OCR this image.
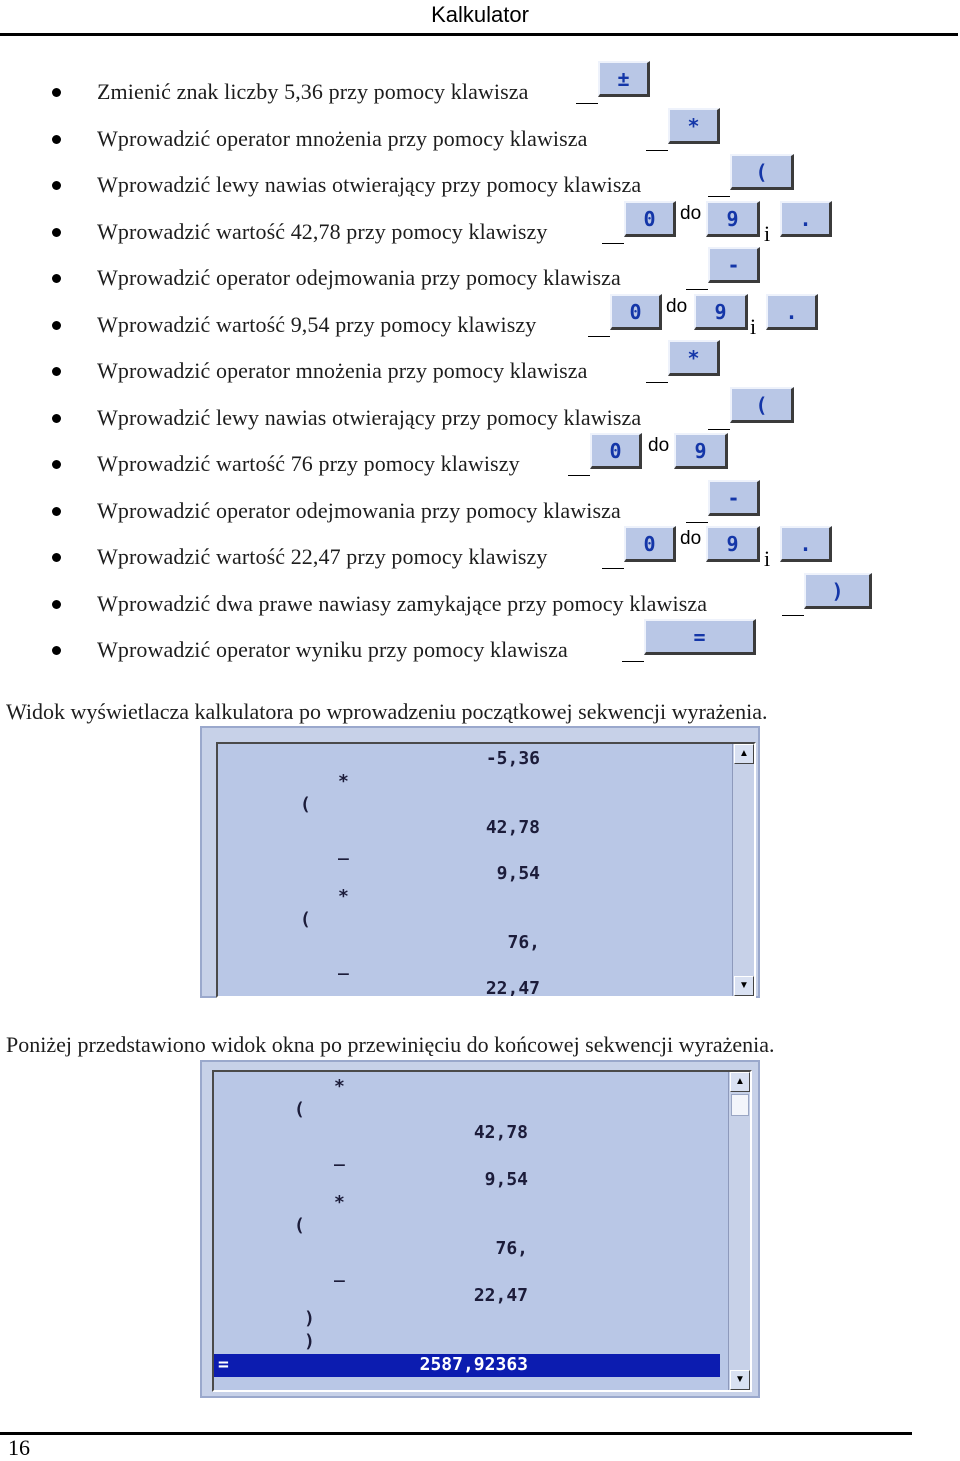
Kalkulator
Zmienić znak liczby 5,36 przy pomocy klawisza
±
Wprowadzić operator mnożenia przy pomocy klawisza
*
Wprowadzić lewy nawias otwierający przy pomocy klawisza
(
Wprowadzić wartość 42,78 przy pomocy klawiszy
0	9	.
do
i
Wprowadzić operator odejmowania przy pomocy klawisza
-
Wprowadzić wartość 9,54 przy pomocy klawiszy
0	9	.
do
i
Wprowadzić operator mnożenia przy pomocy klawisza
*
Wprowadzić lewy nawias otwierający przy pomocy klawisza
(
Wprowadzić wartość 76 przy pomocy klawiszy
0	9
do
Wprowadzić operator odejmowania przy pomocy klawisza
-
Wprowadzić wartość 22,47 przy pomocy klawiszy
0	9	.
do
i
Wprowadzić dwa prawe nawiasy zamykające przy pomocy klawisza
)
Wprowadzić operator wyniku przy pomocy klawisza
=
Widok wyświetlacza kalkulatora po wprowadzeniu początkowej sekwencji wyrażenia.
▲
▼
-5,36
*
(
42,78
_
9,54
*
(
76,
_
22,47
Poniżej przedstawiono widok okna po przewinięciu do końcowej sekwencji wyrażenia.
▲
▼
*
(
42,78
_
9,54
*
(
76,
_
22,47
)
)
=	2587,92363
16
